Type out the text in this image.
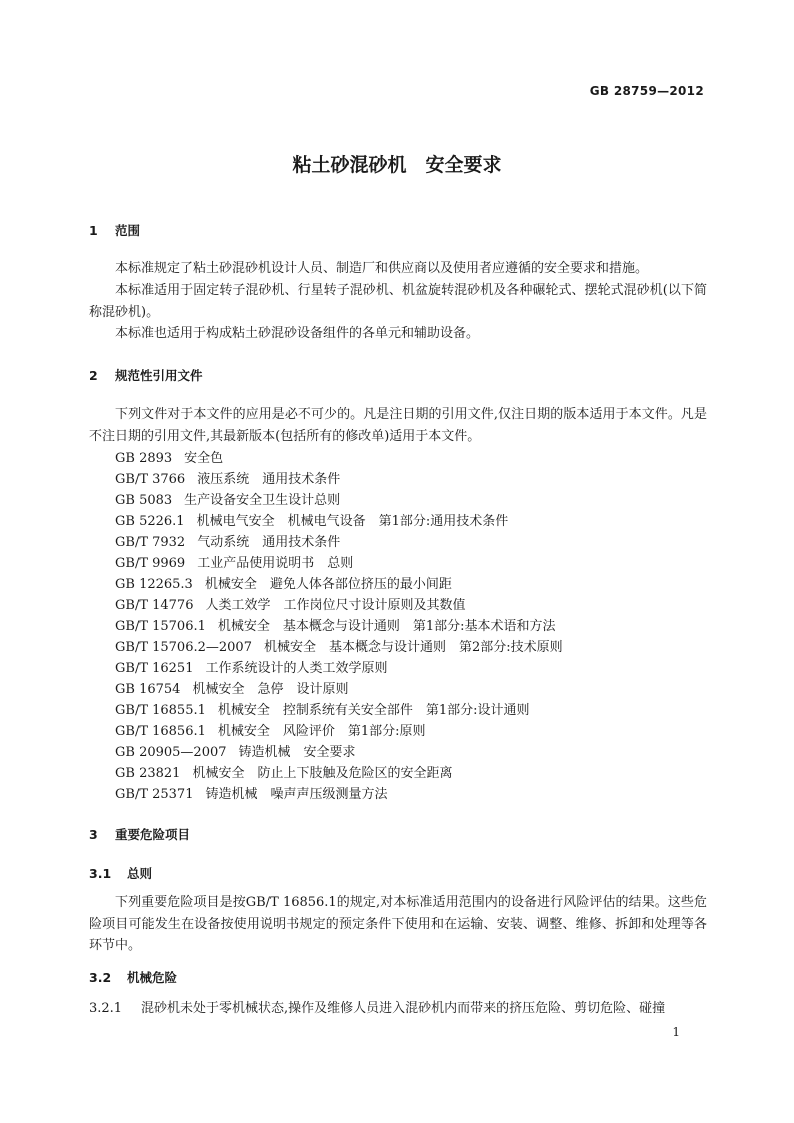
GB 28759—2012
粘土砂混砂机　安全要求
1 范围
本标准规定了粘土砂混砂机设计人员、制造厂和供应商以及使用者应遵循的安全要求和措施。
本标准适用于固定转子混砂机、行星转子混砂机、机盆旋转混砂机及各种碾轮式、摆轮式混砂机(以下简称混砂机)。
本标准也适用于构成粘土砂混砂设备组件的各单元和辅助设备。
2 规范性引用文件
下列文件对于本文件的应用是必不可少的。凡是注日期的引用文件,仅注日期的版本适用于本文件。凡是不注日期的引用文件,其最新版本(包括所有的修改单)适用于本文件。
GB 2893 安全色
GB/T 3766 液压系统　通用技术条件
GB 5083 生产设备安全卫生设计总则
GB 5226.1 机械电气安全　机械电气设备　第1部分:通用技术条件
GB/T 7932 气动系统　通用技术条件
GB/T 9969 工业产品使用说明书　总则
GB 12265.3 机械安全　避免人体各部位挤压的最小间距
GB/T 14776 人类工效学　工作岗位尺寸设计原则及其数值
GB/T 15706.1 机械安全　基本概念与设计通则　第1部分:基本术语和方法
GB/T 15706.2—2007 机械安全　基本概念与设计通则　第2部分:技术原则
GB/T 16251 工作系统设计的人类工效学原则
GB 16754 机械安全　急停　设计原则
GB/T 16855.1 机械安全　控制系统有关安全部件　第1部分:设计通则
GB/T 16856.1 机械安全　风险评价　第1部分:原则
GB 20905—2007 铸造机械　安全要求
GB 23821 机械安全　防止上下肢触及危险区的安全距离
GB/T 25371 铸造机械　噪声声压级测量方法
3 重要危险项目
3.1 总则
下列重要危险项目是按GB/T 16856.1的规定,对本标准适用范围内的设备进行风险评估的结果。这些危险项目可能发生在设备按使用说明书规定的预定条件下使用和在运输、安装、调整、维修、拆卸和处理等各环节中。
3.2 机械危险
3.2.1 混砂机未处于零机械状态,操作及维修人员进入混砂机内而带来的挤压危险、剪切危险、碰撞
1
